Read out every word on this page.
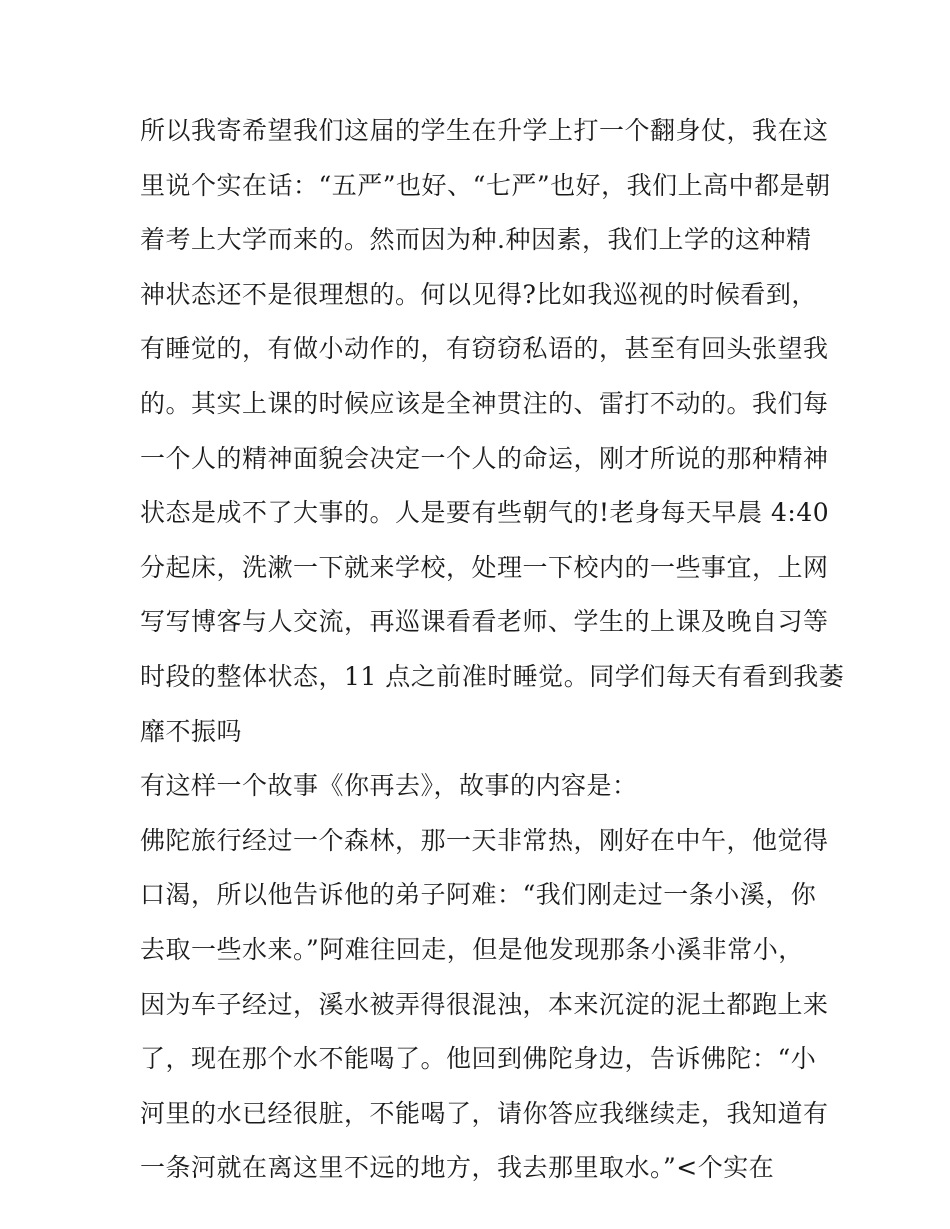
所以我寄希望我们这届的学生在升学上打一个翻身仗，我在这
里说个实在话：“五严”也好、“七严”也好，我们上高中都是朝
着考上大学而来的。然而因为种.种因素，我们上学的这种精
神状态还不是很理想的。何以见得?比如我巡视的时候看到，
有睡觉的，有做小动作的，有窃窃私语的，甚至有回头张望我
的。其实上课的时候应该是全神贯注的、雷打不动的。我们每
一个人的精神面貌会决定一个人的命运，刚才所说的那种精神
状态是成不了大事的。人是要有些朝气的!老身每天早晨 4:40
分起床，洗漱一下就来学校，处理一下校内的一些事宜，上网
写写博客与人交流，再巡课看看老师、学生的上课及晚自习等
时段的整体状态，11 点之前准时睡觉。同学们每天有看到我萎
靡不振吗
有这样一个故事《你再去》，故事的内容是：
佛陀旅行经过一个森林，那一天非常热，刚好在中午，他觉得
口渴，所以他告诉他的弟子阿难：“我们刚走过一条小溪，你
去取一些水来。”阿难往回走，但是他发现那条小溪非常小，
因为车子经过，溪水被弄得很混浊，本来沉淀的泥土都跑上来
了，现在那个水不能喝了。他回到佛陀身边，告诉佛陀：“小
河里的水已经很脏，不能喝了，请你答应我继续走，我知道有
一条河就在离这里不远的地方，我去那里取水。”<个实在
